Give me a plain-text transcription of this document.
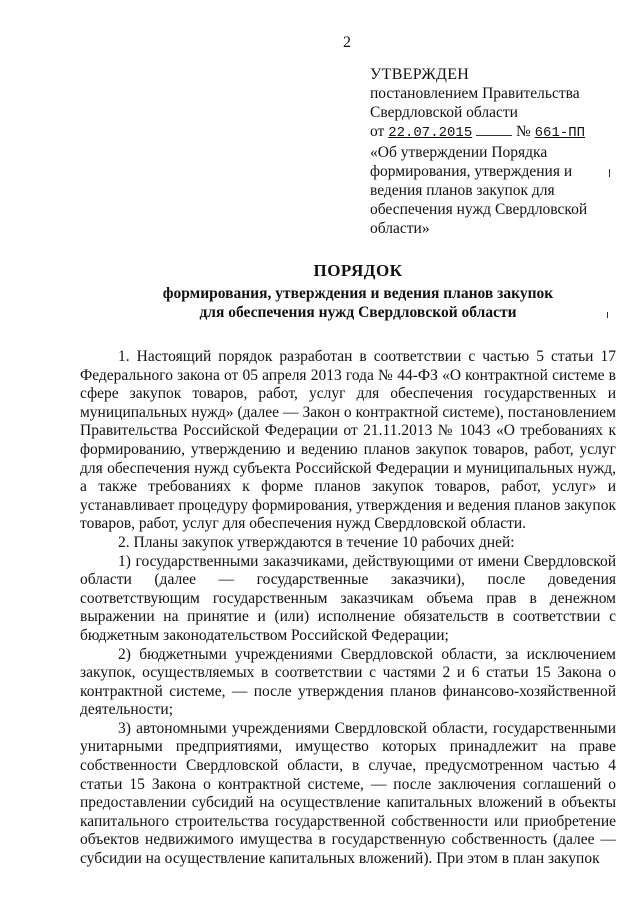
2
УТВЕРЖДЕН
постановлением Правительства
Свердловской области
от 22.07.2015	№ 661-ПП
«Об утверждении Порядка
формирования, утверждения и
ведения планов закупок для
обеспечения нужд Свердловской
области»
ПОРЯДОК
формирования, утверждения и ведения планов закупок
для обеспечения нужд Свердловской области

1. Настоящий порядок разработан в соответствии с частью 5 статьи 17 Федерального закона от 05 апреля 2013 года № 44-ФЗ «О контрактной системе в сфере закупок товаров, работ, услуг для обеспечения государственных и муниципальных нужд» (далее — Закон о контрактной системе), постановлением Правительства Российской Федерации от 21.11.2013 № 1043 «О требованиях к формированию, утверждению и ведению планов закупок товаров, работ, услуг для обеспечения нужд субъекта Российской Федерации и муниципальных нужд, а также требованиях к форме планов закупок товаров, работ, услуг» и устанавливает процедуру формирования, утверждения и ведения планов закупок товаров, работ, услуг для обеспечения нужд Свердловской области.

2. Планы закупок утверждаются в течение 10 рабочих дней:

1) государственными заказчиками, действующими от имени Свердловской области (далее — государственные заказчики), после доведения соответствующим государственным заказчикам объема прав в денежном выражении на принятие и (или) исполнение обязательств в соответствии с бюджетным законодательством Российской Федерации;

2) бюджетными учреждениями Свердловской области, за исключением закупок, осуществляемых в соответствии с частями 2 и 6 статьи 15 Закона о контрактной системе, — после утверждения планов финансово-хозяйственной деятельности;

3) автономными учреждениями Свердловской области, государственными унитарными предприятиями, имущество которых принадлежит на праве собственности Свердловской области, в случае, предусмотренном частью 4 статьи 15 Закона о контрактной системе, — после заключения соглашений о предоставлении субсидий на осуществление капитальных вложений в объекты капитального строительства государственной собственности или приобретение объектов недвижимого имущества в государственную собственность (далее — субсидии на осуществление капитальных вложений). При этом в план закупок
